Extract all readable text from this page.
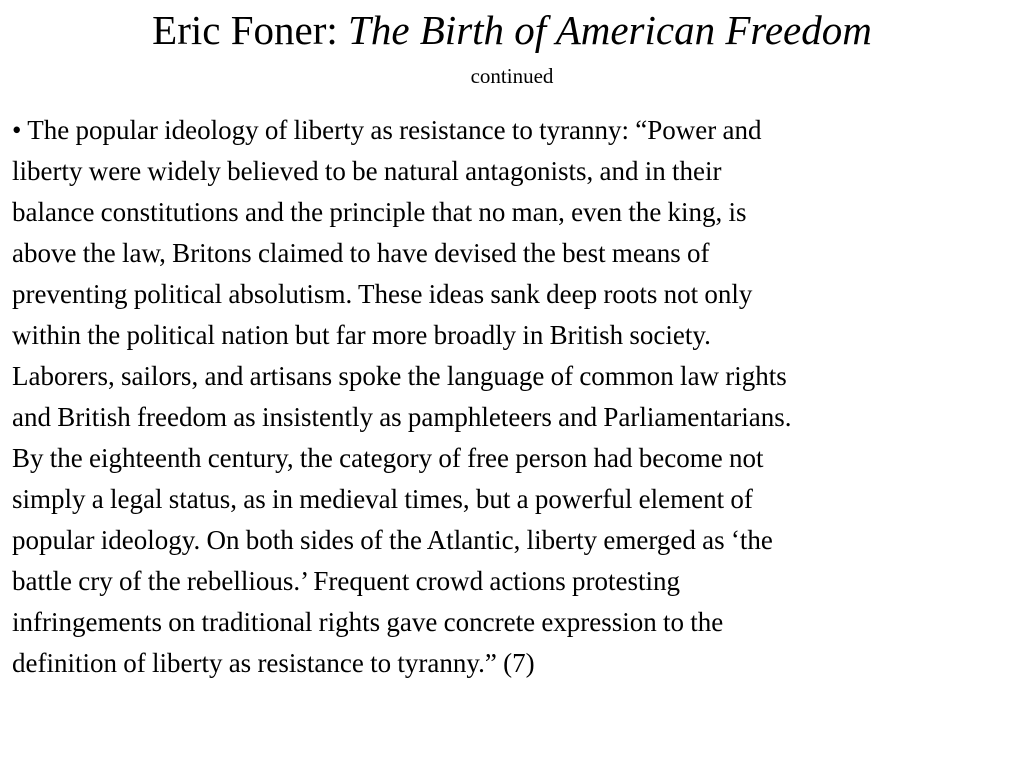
Eric Foner: The Birth of American Freedom

continued

• The popular ideology of liberty as resistance to tyranny: “Power and
liberty were widely believed to be natural antagonists, and in their
balance constitutions and the principle that no man, even the king, is
above the law, Britons claimed to have devised the best means of
preventing political absolutism. These ideas sank deep roots not only
within the political nation but far more broadly in British society.
Laborers, sailors, and artisans spoke the language of common law rights
and British freedom as insistently as pamphleteers and Parliamentarians.
By the eighteenth century, the category of free person had become not
simply a legal status, as in medieval times, but a powerful element of
popular ideology. On both sides of the Atlantic, liberty emerged as ‘the
battle cry of the rebellious.’ Frequent crowd actions protesting
infringements on traditional rights gave concrete expression to the
definition of liberty as resistance to tyranny.” (7)
